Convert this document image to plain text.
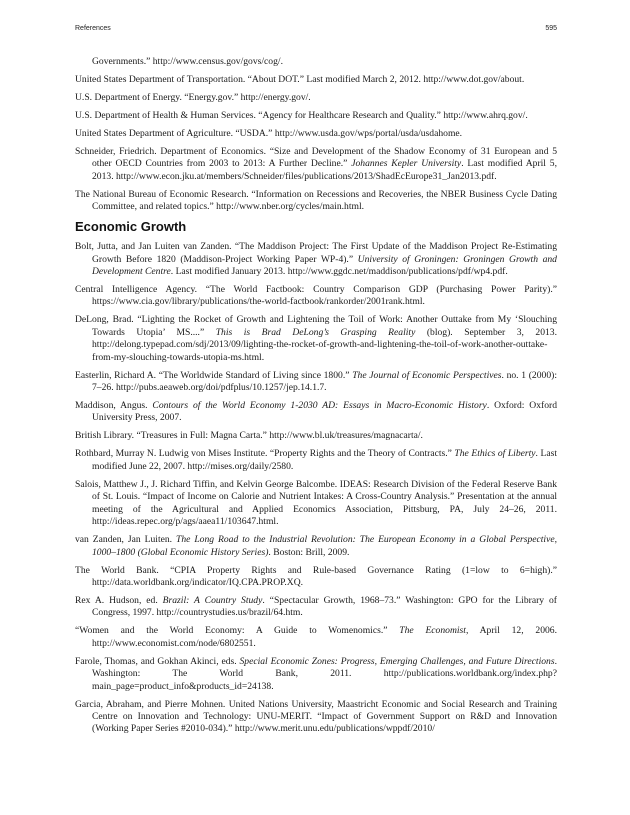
References	595

Governments.” http://www.census.gov/govs/cog/.

United States Department of Transportation. “About DOT.” Last modified March 2, 2012. http://www.dot.gov/about.

U.S. Department of Energy. “Energy.gov.” http://energy.gov/.

U.S. Department of Health & Human Services. “Agency for Healthcare Research and Quality.” http://www.ahrq.gov/.

United States Department of Agriculture. “USDA.” http://www.usda.gov/wps/portal/usda/usdahome.

Schneider, Friedrich. Department of Economics. “Size and Development of the Shadow Economy of 31 European and 5 other OECD Countries from 2003 to 2013: A Further Decline.” Johannes Kepler University. Last modified April 5, 2013. http://www.econ.jku.at/members/Schneider/files/publications/2013/ShadEcEurope31_Jan2013.pdf.

The National Bureau of Economic Research. “Information on Recessions and Recoveries, the NBER Business Cycle Dating Committee, and related topics.” http://www.nber.org/cycles/main.html.

Economic Growth

Bolt, Jutta, and Jan Luiten van Zanden. “The Maddison Project: The First Update of the Maddison Project Re-Estimating Growth Before 1820 (Maddison-Project Working Paper WP-4).” University of Groningen: Groningen Growth and Development Centre. Last modified January 2013. http://www.ggdc.net/maddison/publications/pdf/wp4.pdf.

Central Intelligence Agency. “The World Factbook: Country Comparison GDP (Purchasing Power Parity).” https://www.cia.gov/library/publications/the-world-factbook/rankorder/2001rank.html.

DeLong, Brad. “Lighting the Rocket of Growth and Lightening the Toil of Work: Another Outtake from My ‘Slouching Towards Utopia’ MS....” This is Brad DeLong’s Grasping Reality (blog). September 3, 2013. http://delong.typepad.com/sdj/2013/09/lighting-the-rocket-of-growth-and-lightening-the-toil-of-work-another-outtake-from-my-slouching-towards-utopia-ms.html.

Easterlin, Richard A. “The Worldwide Standard of Living since 1800.” The Journal of Economic Perspectives. no. 1 (2000): 7–26. http://pubs.aeaweb.org/doi/pdfplus/10.1257/jep.14.1.7.

Maddison, Angus. Contours of the World Economy 1-2030 AD: Essays in Macro-Economic History. Oxford: Oxford University Press, 2007.

British Library. “Treasures in Full: Magna Carta.” http://www.bl.uk/treasures/magnacarta/.

Rothbard, Murray N. Ludwig von Mises Institute. “Property Rights and the Theory of Contracts.” The Ethics of Liberty. Last modified June 22, 2007. http://mises.org/daily/2580.

Salois, Matthew J., J. Richard Tiffin, and Kelvin George Balcombe. IDEAS: Research Division of the Federal Reserve Bank of St. Louis. “Impact of Income on Calorie and Nutrient Intakes: A Cross-Country Analysis.” Presentation at the annual meeting of the Agricultural and Applied Economics Association, Pittsburg, PA, July 24–26, 2011. http://ideas.repec.org/p/ags/aaea11/103647.html.

van Zanden, Jan Luiten. The Long Road to the Industrial Revolution: The European Economy in a Global Perspective, 1000–1800 (Global Economic History Series). Boston: Brill, 2009.

The World Bank. “CPIA Property Rights and Rule-based Governance Rating (1=low to 6=high).” http://data.worldbank.org/indicator/IQ.CPA.PROP.XQ.

Rex A. Hudson, ed. Brazil: A Country Study. “Spectacular Growth, 1968–73.” Washington: GPO for the Library of Congress, 1997. http://countrystudies.us/brazil/64.htm.

“Women and the World Economy: A Guide to Womenomics.” The Economist, April 12, 2006. http://www.economist.com/node/6802551.

Farole, Thomas, and Gokhan Akinci, eds. Special Economic Zones: Progress, Emerging Challenges, and Future Directions. Washington: The World Bank, 2011. http://publications.worldbank.org/index.php?main_page=product_info&products_id=24138.

Garcia, Abraham, and Pierre Mohnen. United Nations University, Maastricht Economic and Social Research and Training Centre on Innovation and Technology: UNU-MERIT. “Impact of Government Support on R&D and Innovation (Working Paper Series #2010-034).” http://www.merit.unu.edu/publications/wppdf/2010/
